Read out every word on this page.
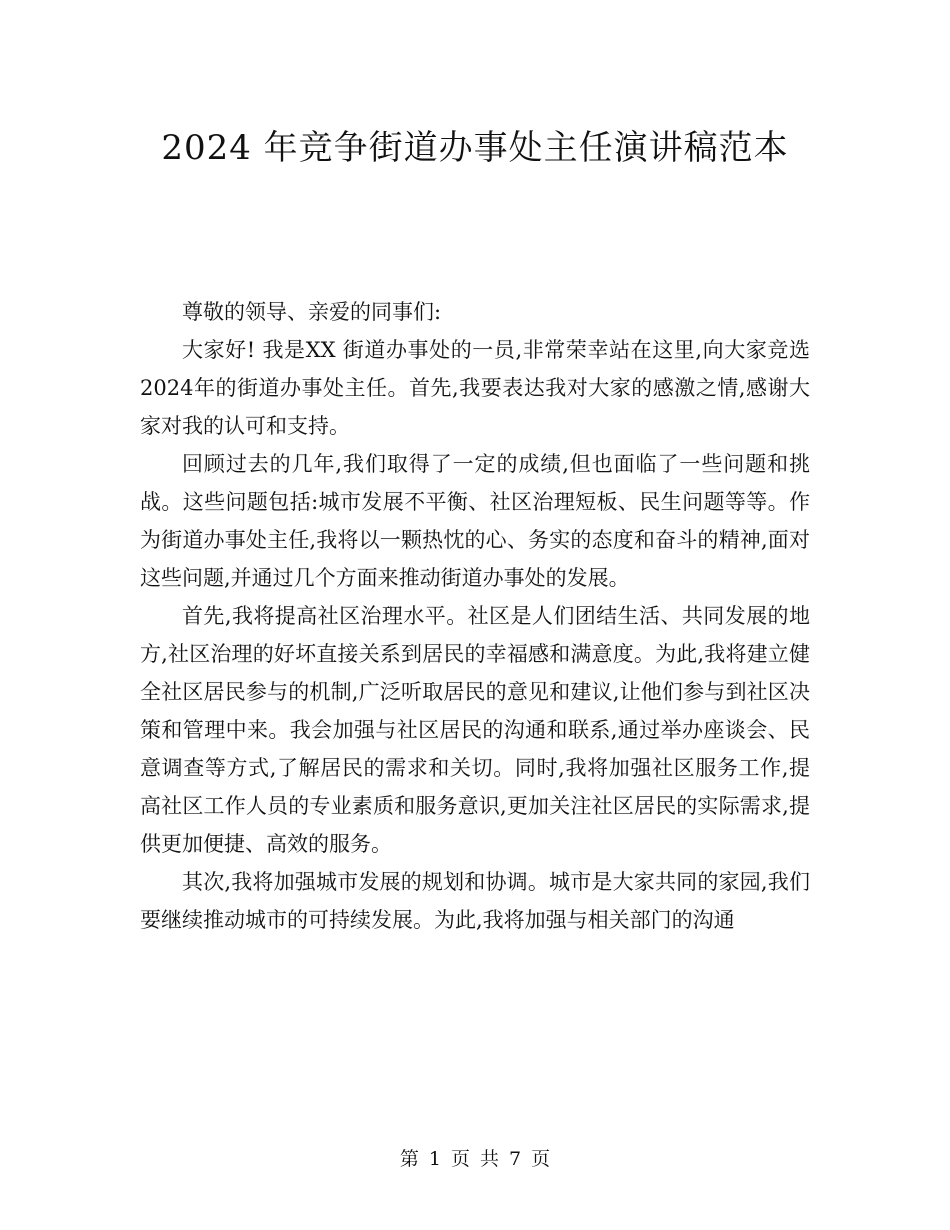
2024 年竞争街道办事处主任演讲稿范本

尊敬的领导、亲爱的同事们:

大家好! 我是XX 街道办事处的一员,非常荣幸站在这里,向大家竞选2024年的街道办事处主任。首先,我要表达我对大家的感激之情,感谢大家对我的认可和支持。

回顾过去的几年,我们取得了一定的成绩,但也面临了一些问题和挑战。这些问题包括:城市发展不平衡、社区治理短板、民生问题等等。作为街道办事处主任,我将以一颗热忱的心、务实的态度和奋斗的精神,面对这些问题,并通过几个方面来推动街道办事处的发展。

首先,我将提高社区治理水平。社区是人们团结生活、共同发展的地方,社区治理的好坏直接关系到居民的幸福感和满意度。为此,我将建立健全社区居民参与的机制,广泛听取居民的意见和建议,让他们参与到社区决策和管理中来。我会加强与社区居民的沟通和联系,通过举办座谈会、民意调查等方式,了解居民的需求和关切。同时,我将加强社区服务工作,提高社区工作人员的专业素质和服务意识,更加关注社区居民的实际需求,提供更加便捷、高效的服务。

其次,我将加强城市发展的规划和协调。城市是大家共同的家园,我们要继续推动城市的可持续发展。为此,我将加强与相关部门的沟通

第 1 页 共 7 页
